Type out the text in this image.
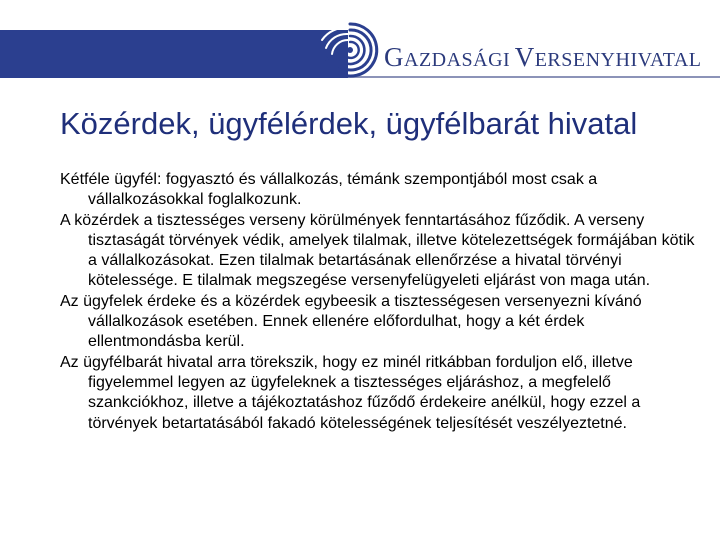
GAZDASÁGI VERSENYHIVATAL
Közérdek, ügyfélérdek, ügyfélbarát hivatal

Kétféle ügyfél: fogyasztó és vállalkozás, témánk szempontjából most csak a vállalkozásokkal foglalkozunk.

A közérdek a tisztességes verseny körülmények fenntartásához fűződik. A verseny tisztaságát törvények védik, amelyek tilalmak, illetve kötelezettségek formájában kötik a vállalkozásokat. Ezen tilalmak betartásának ellenőrzése a hivatal törvényi kötelessége. E tilalmak megszegése versenyfelügyeleti eljárást von maga után.

Az ügyfelek érdeke és a közérdek egybeesik a tisztességesen versenyezni kívánó vállalkozások esetében. Ennek ellenére előfordulhat, hogy a két érdek ellentmondásba kerül.

Az ügyfélbarát hivatal arra törekszik, hogy ez minél ritkábban forduljon elő, illetve figyelemmel legyen az ügyfeleknek a tisztességes eljáráshoz, a megfelelő szankciókhoz, illetve a tájékoztatáshoz fűződő érdekeire anélkül, hogy ezzel a törvények betartatásából fakadó kötelességének teljesítését veszélyeztetné.
